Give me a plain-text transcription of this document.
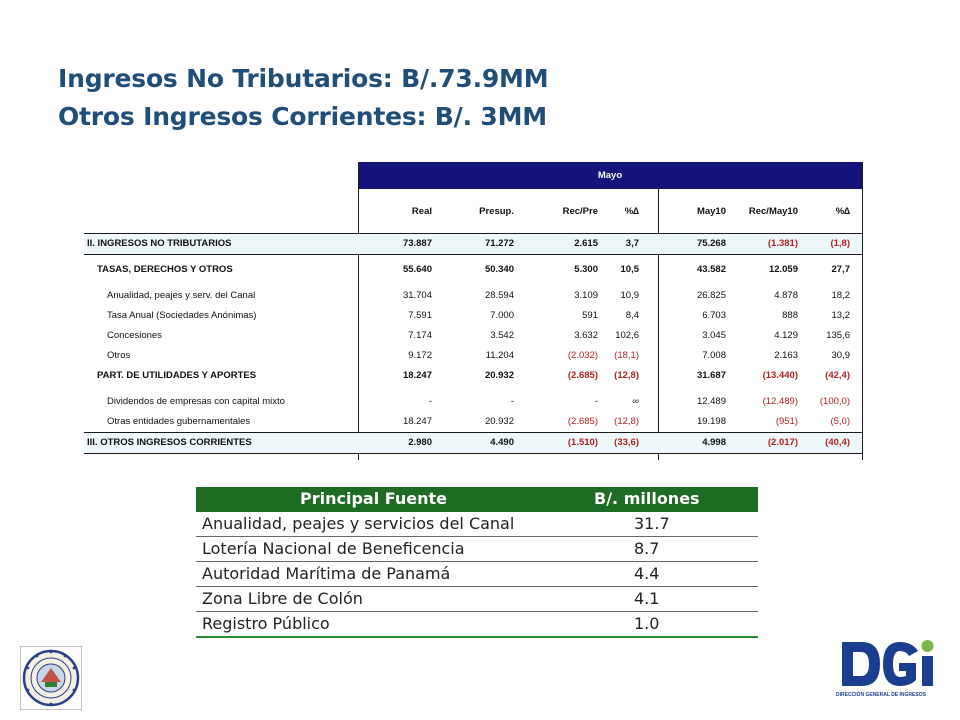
Ingresos No Tributarios: B/.73.9MM
Otros Ingresos Corrientes: B/. 3MM
Mayo
Real	Presup.	Rec/Pre	%∆	May10 Rec/May10	%∆
II. INGRESOS NO TRIBUTARIOS	73.887	71.272	2.615	3,7	75.268	(1.381)	(1,8)
TASAS, DERECHOS Y OTROS	55.640	50.340	5.300 10,5	43.582	12.059	27,7
Anualidad, peajes y serv. del Canal	31.704	28.594	3.109 10,9	26.825	4.878	18,2
Tasa Anual (Sociedades Anónimas)	7.591	7.000	591	8,4	6.703	888	13,2
Concesiones	7.174	3.542	3.632 102,6	3.045	4.129	135,6
Otros	9.172	11.204	(2.032) (18,1)	7.008	2.163	30,9
PART. DE UTILIDADES Y APORTES	18.247	20.932	(2.685) (12,8)	31.687	(13.440)	(42,4)
Dividendos de empresas con capital mixto	-	-	-	∞	12.489	(12.489) (100,0)
Otras entidades gubernamentales	18.247	20.932	(2.685) (12,8)	19.198	(951)	(5,0)
III. OTROS INGRESOS CORRIENTES	2.980	4.490	(1.510) (33,6)	4.998	(2.017)	(40,4)
Principal Fuente	B/. millones
Anualidad, peajes y servicios del Canal	31.7
Lotería Nacional de Beneficencia	8.7
Autoridad Marítima de Panamá	4.4
Zona Libre de Colón	4.1
Registro Público	1.0
DIRECCIÓN GENERAL DE INGRESOS
